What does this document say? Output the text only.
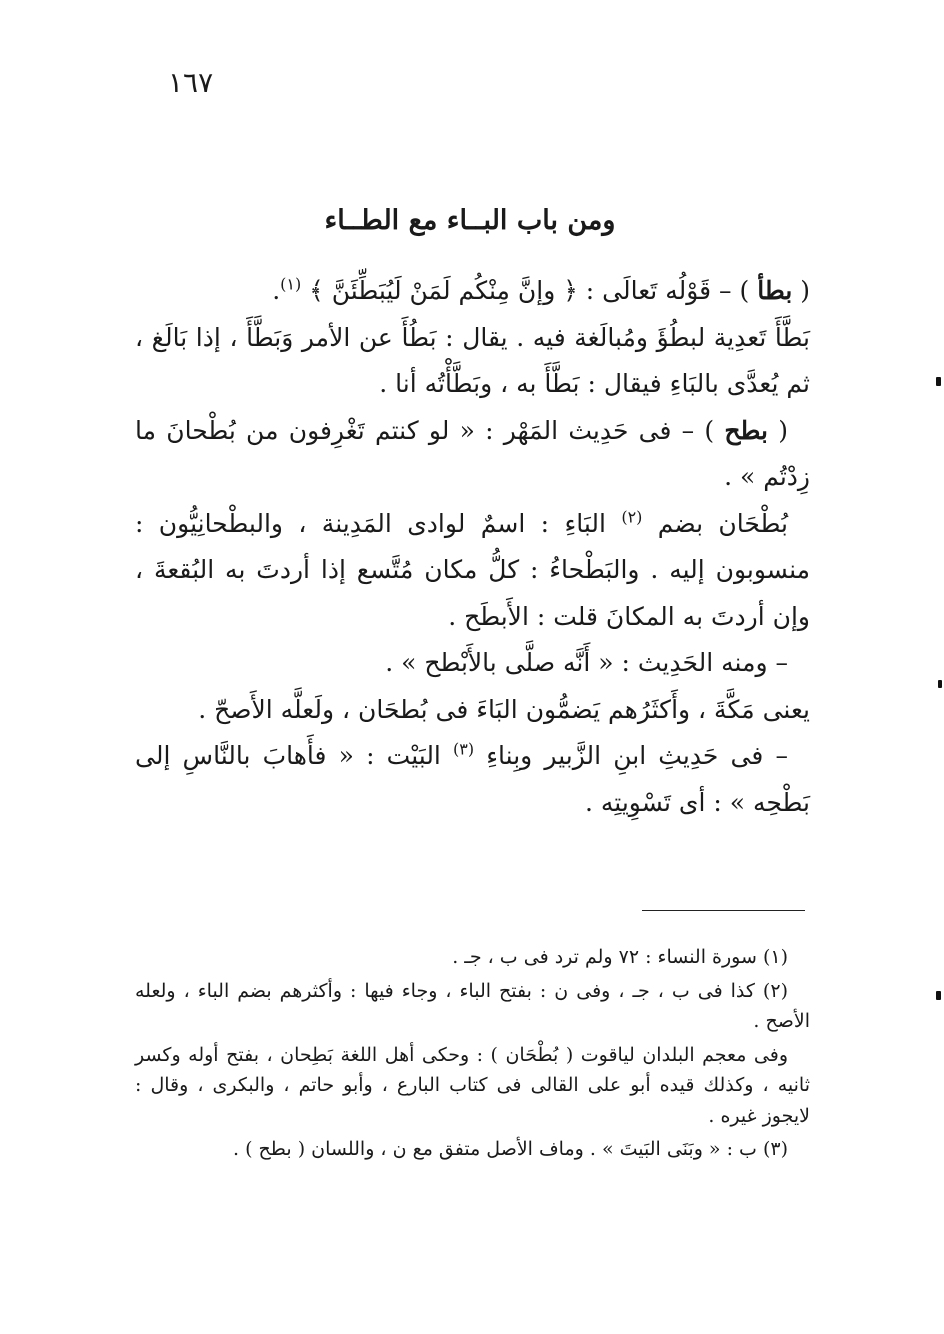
١٦٧
ومن باب البــاء مع الطــاء

( بطأ ) – قَوْلُه تَعالَى : ﴿ وإنَّ مِنْكُم لَمَنْ لَيُبَطِّئَنَّ ﴾ $^{(١)}$.

بَطَّأَ تَعدِية لبطُؤَ ومُبالَغة فيه . يقال : بَطُأَ عن الأمر وَبَطَّأَ ، إذا بَالَغ ، ثم يُعدَّى بالبَاءِ فيقال : بَطَّأَ به ، وبَطَّأْتُه أنا .

( بطح ) – فى حَدِيث المَهْر : « لو كنتم تَغْرِفون من بُطْحانَ ما زِدْتُم » .

بُطْحَان بضم $^{(٢)}$ البَاءِ : اسمٌ لوادى المَدِينة ، والبطْحانِيُّون : منسوبون إليه . والبَطْحاءُ : كلُّ مكان مُتَّسع إذا أردتَ به البُقعةَ ، وإن أردتَ به المكانَ قلت : الأَبطَح .

– ومنه الحَدِيث : « أَنَّه صلَّى بالأَبْطح » .

يعنى مَكَّةَ ، وأَكثَرُهم يَضمُّون البَاءَ فى بُطحَان ، ولَعلَّه الأَصحّ .

– فى حَدِيثِ ابنِ الزَّبير وبِناءِ $^{(٣)}$ البَيْت : « فأَهابَ بالنَّاسِ إلى بَطْحِه » : أى تَسْوِيتِه .

(١) سورة النساء : ٧٢ ولم ترد فى ب ، جـ .

(٢) كذا فى ب ، جـ ، وفى ن : بفتح الباء ، وجاء فيها : وأكثرهم بضم الباء ، ولعله الأصح .

وفى معجم البلدان لياقوت ( بُطْحَان ) : وحكى أهل اللغة بَطِحان ، بفتح أوله وكسر ثانيه ، وكذلك قيده أبو على القالى فى كتاب البارع ، وأبو حاتم ، والبكرى ، وقال : لايجوز غيره .

(٣) ب : « وبَنَى البَيتَ » . وماف الأصل متفق مع ن ، واللسان ( بطح ) .
